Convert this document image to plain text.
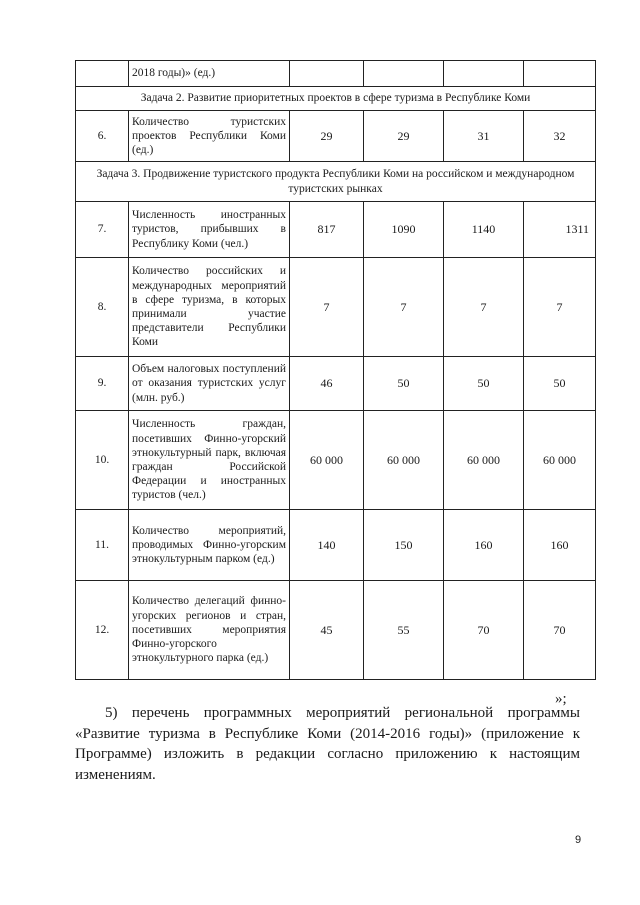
	2018 годы)» (ед.)				
Задача 2. Развитие приоритетных проектов в сфере туризма в Республике Коми					
6.	Количество туристских проектов Республики Коми (ед.)	29	29	31	32
Задача 3. Продвижение туристского продукта Республики Коми на российском и международном туристских рынках					
7.	Численность иностранных туристов, прибывших в Республику Коми (чел.)	817	1090	1140	1311
8.	Количество российских и международных мероприятий в сфере туризма, в которых принимали участие представители Республики Коми	7	7	7	7
9.	Объем налоговых поступлений от оказания туристских услуг (млн. руб.)	46	50	50	50
10.	Численность граждан, посетивших Финно-угорский этнокультурный парк, включая граждан Российской Федерации и иностранных туристов (чел.)	60 000	60 000	60 000	60 000
11.	Количество мероприятий, проводимых Финно-угорским этнокультурным парком (ед.)	140	150	160	160
12.	Количество делегаций финно-угорских регионов и стран, посетивших мероприятия Финно-угорского этнокультурного парка (ед.)	45	55	70	70
»;
5) перечень программных мероприятий региональной программы «Развитие туризма в Республике Коми (2014-2016 годы)» (приложение к Программе) изложить в редакции согласно приложению к настоящим изменениям.
9
